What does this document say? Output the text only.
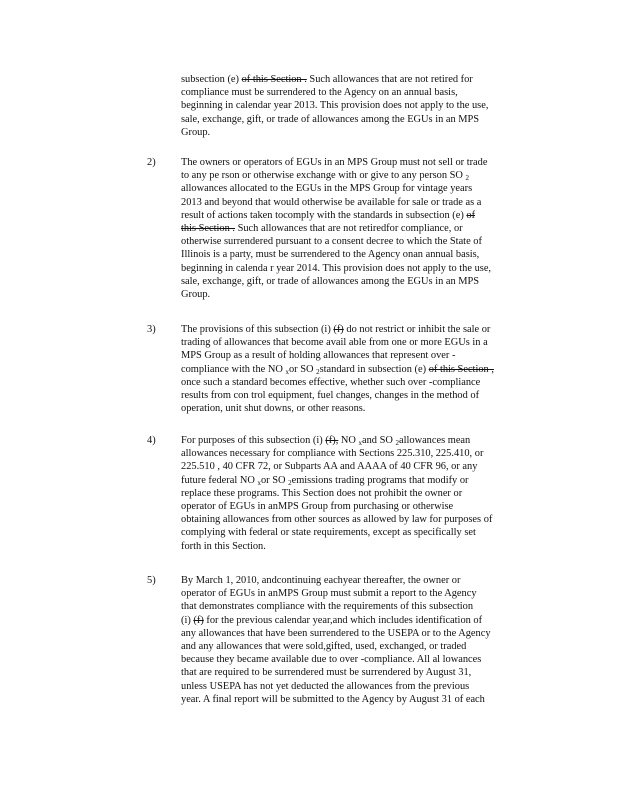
subsection (e) of this Section . Such allowances that are not retired for
compliance must be surrendered to the Agency on an annual basis,
beginning in calendar year 2013. This provision does not apply to the use,
sale, exchange, gift, or trade of allowances among the EGUs in an MPS
Group.
2) The owners or operators of EGUs in an MPS Group must not sell or trade
to any pe rson or otherwise exchange with or give to any person SO $_2$
allowances allocated to the EGUs in the MPS Group for vintage years
2013 and beyond that would otherwise be available for sale or trade as a
result of actions taken tocomply with the standards in subsection (e) of
this Section . Such allowances that are not retiredfor compliance, or
otherwise surrendered pursuant to a consent decree to which the State of
Illinois is a party, must be surrendered to the Agency onan annual basis,
beginning in calenda r year 2014. This provision does not apply to the use,
sale, exchange, gift, or trade of allowances among the EGUs in an MPS
Group.
3) The provisions of this subsection (i) (f) do not restrict or inhibit the sale or
trading of allowances that become avail able from one or more EGUs in a
MPS Group as a result of holding allowances that represent over -
compliance with the NO $_x$or SO $_2$standard in subsection (e) of this Section ,
once such a standard becomes effective, whether such over -compliance
results from con trol equipment, fuel changes, changes in the method of
operation, unit shut downs, or other reasons.
4) For purposes of this subsection (i) (f), NO $_x$and SO $_2$allowances mean
allowances necessary for compliance with Sections 225.310, 225.410, or
225.510 , 40 CFR 72, or Subparts AA and AAAA of 40 CFR 96, or any
future federal NO $_x$or SO $_2$emissions trading programs that modify or
replace these programs. This Section does not prohibit the owner or
operator of EGUs in anMPS Group from purchasing or otherwise
obtaining allowances from other sources as allowed by law for purposes of
complying with federal or state requirements, except as specifically set
forth in this Section.
5) By March 1, 2010, andcontinuing eachyear thereafter, the owner or
operator of EGUs in anMPS Group must submit a report to the Agency
that demonstrates compliance with the requirements of this subsection
(i) (f) for the previous calendar year,and which includes identification of
any allowances that have been surrendered to the USEPA or to the Agency
and any allowances that were sold,gifted, used, exchanged, or traded
because they became available due to over -compliance. All al lowances
that are required to be surrendered must be surrendered by August 31,
unless USEPA has not yet deducted the allowances from the previous
year. A final report will be submitted to the Agency by August 31 of each
